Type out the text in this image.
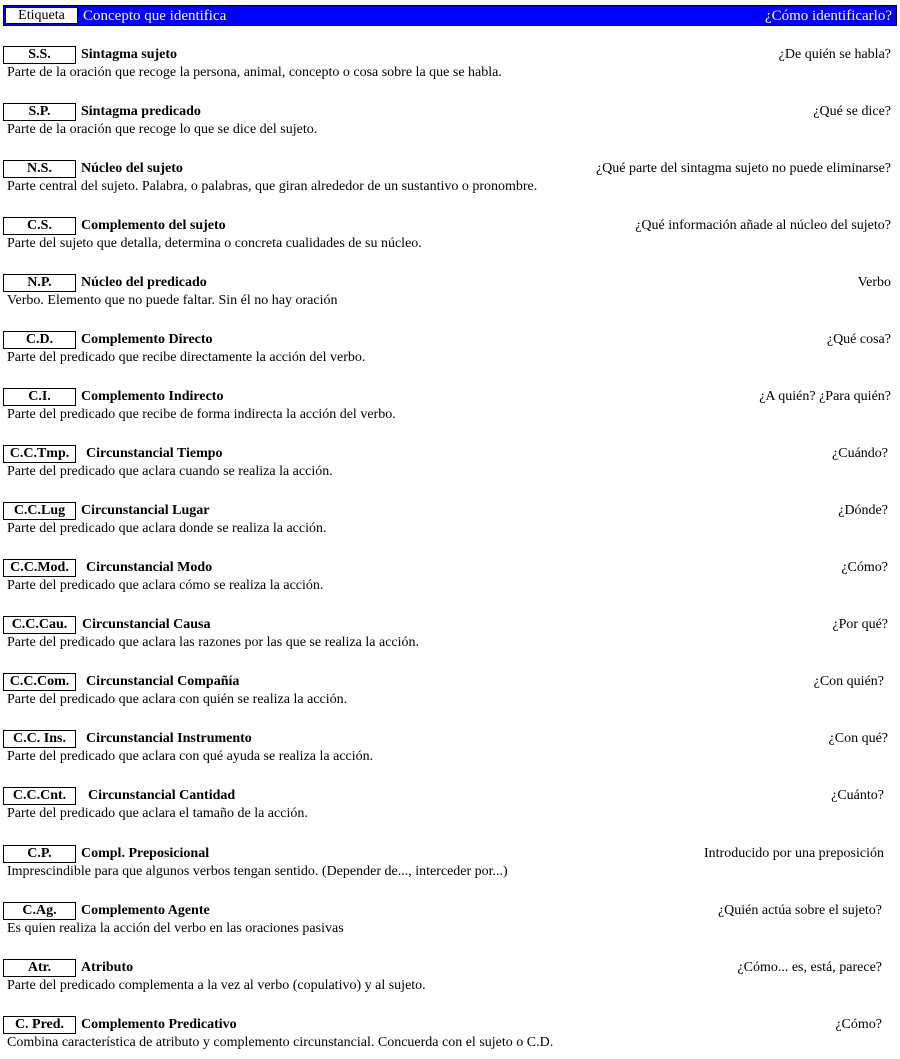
Etiqueta	Concepto que identifica	¿Cómo identificarlo?
S.S.	Sintagma sujeto	¿De quién se habla?
Parte de la oración que recoge la persona, animal, concepto o cosa sobre la que se habla.
S.P.	Sintagma predicado	¿Qué se dice?
Parte de la oración que recoge lo que se dice del sujeto.
N.S.	Núcleo del sujeto	¿Qué parte del sintagma sujeto no puede eliminarse?
Parte central del sujeto. Palabra, o palabras, que giran alrededor de un sustantivo o pronombre.
C.S.	Complemento del sujeto	¿Qué información añade al núcleo del sujeto?
Parte del sujeto que detalla, determina o concreta cualidades de su núcleo.
N.P.	Núcleo del predicado	Verbo
Verbo. Elemento que no puede faltar. Sin él no hay oración
C.D.	Complemento Directo	¿Qué cosa?
Parte del predicado que recibe directamente la acción del verbo.
C.I.	Complemento Indirecto	¿A quién? ¿Para quién?
Parte del predicado que recibe de forma indirecta la acción del verbo.
C.C.Tmp.	Circunstancial Tiempo	¿Cuándo?
Parte del predicado que aclara cuando se realiza la acción.
C.C.Lug	Circunstancial Lugar	¿Dónde?
Parte del predicado que aclara donde se realiza la acción.
C.C.Mod.	Circunstancial Modo	¿Cómo?
Parte del predicado que aclara cómo se realiza la acción.
C.C.Cau.	Circunstancial Causa	¿Por qué?
Parte del predicado que aclara las razones por las que se realiza la acción.
C.C.Com.	Circunstancial Compañía	¿Con quién?
Parte del predicado que aclara con quién se realiza la acción.
C.C. Ins.	Circunstancial Instrumento	¿Con qué?
Parte del predicado que aclara con qué ayuda se realiza la acción.
C.C.Cnt.	Circunstancial Cantidad	¿Cuánto?
Parte del predicado que aclara el tamaño de la acción.
C.P.	Compl. Preposicional	Introducido por una preposición
Imprescindible para que algunos verbos tengan sentido. (Depender de..., interceder por...)
C.Ag.	Complemento Agente	¿Quién actúa sobre el sujeto?
Es quien realiza la acción del verbo en las oraciones pasivas
Atr.	Atributo	¿Cómo... es, está, parece?
Parte del predicado complementa a la vez al verbo (copulativo) y al sujeto.
C. Pred.	Complemento Predicativo	¿Cómo?
Combina característica de atributo y complemento circunstancial. Concuerda con el sujeto o C.D.
